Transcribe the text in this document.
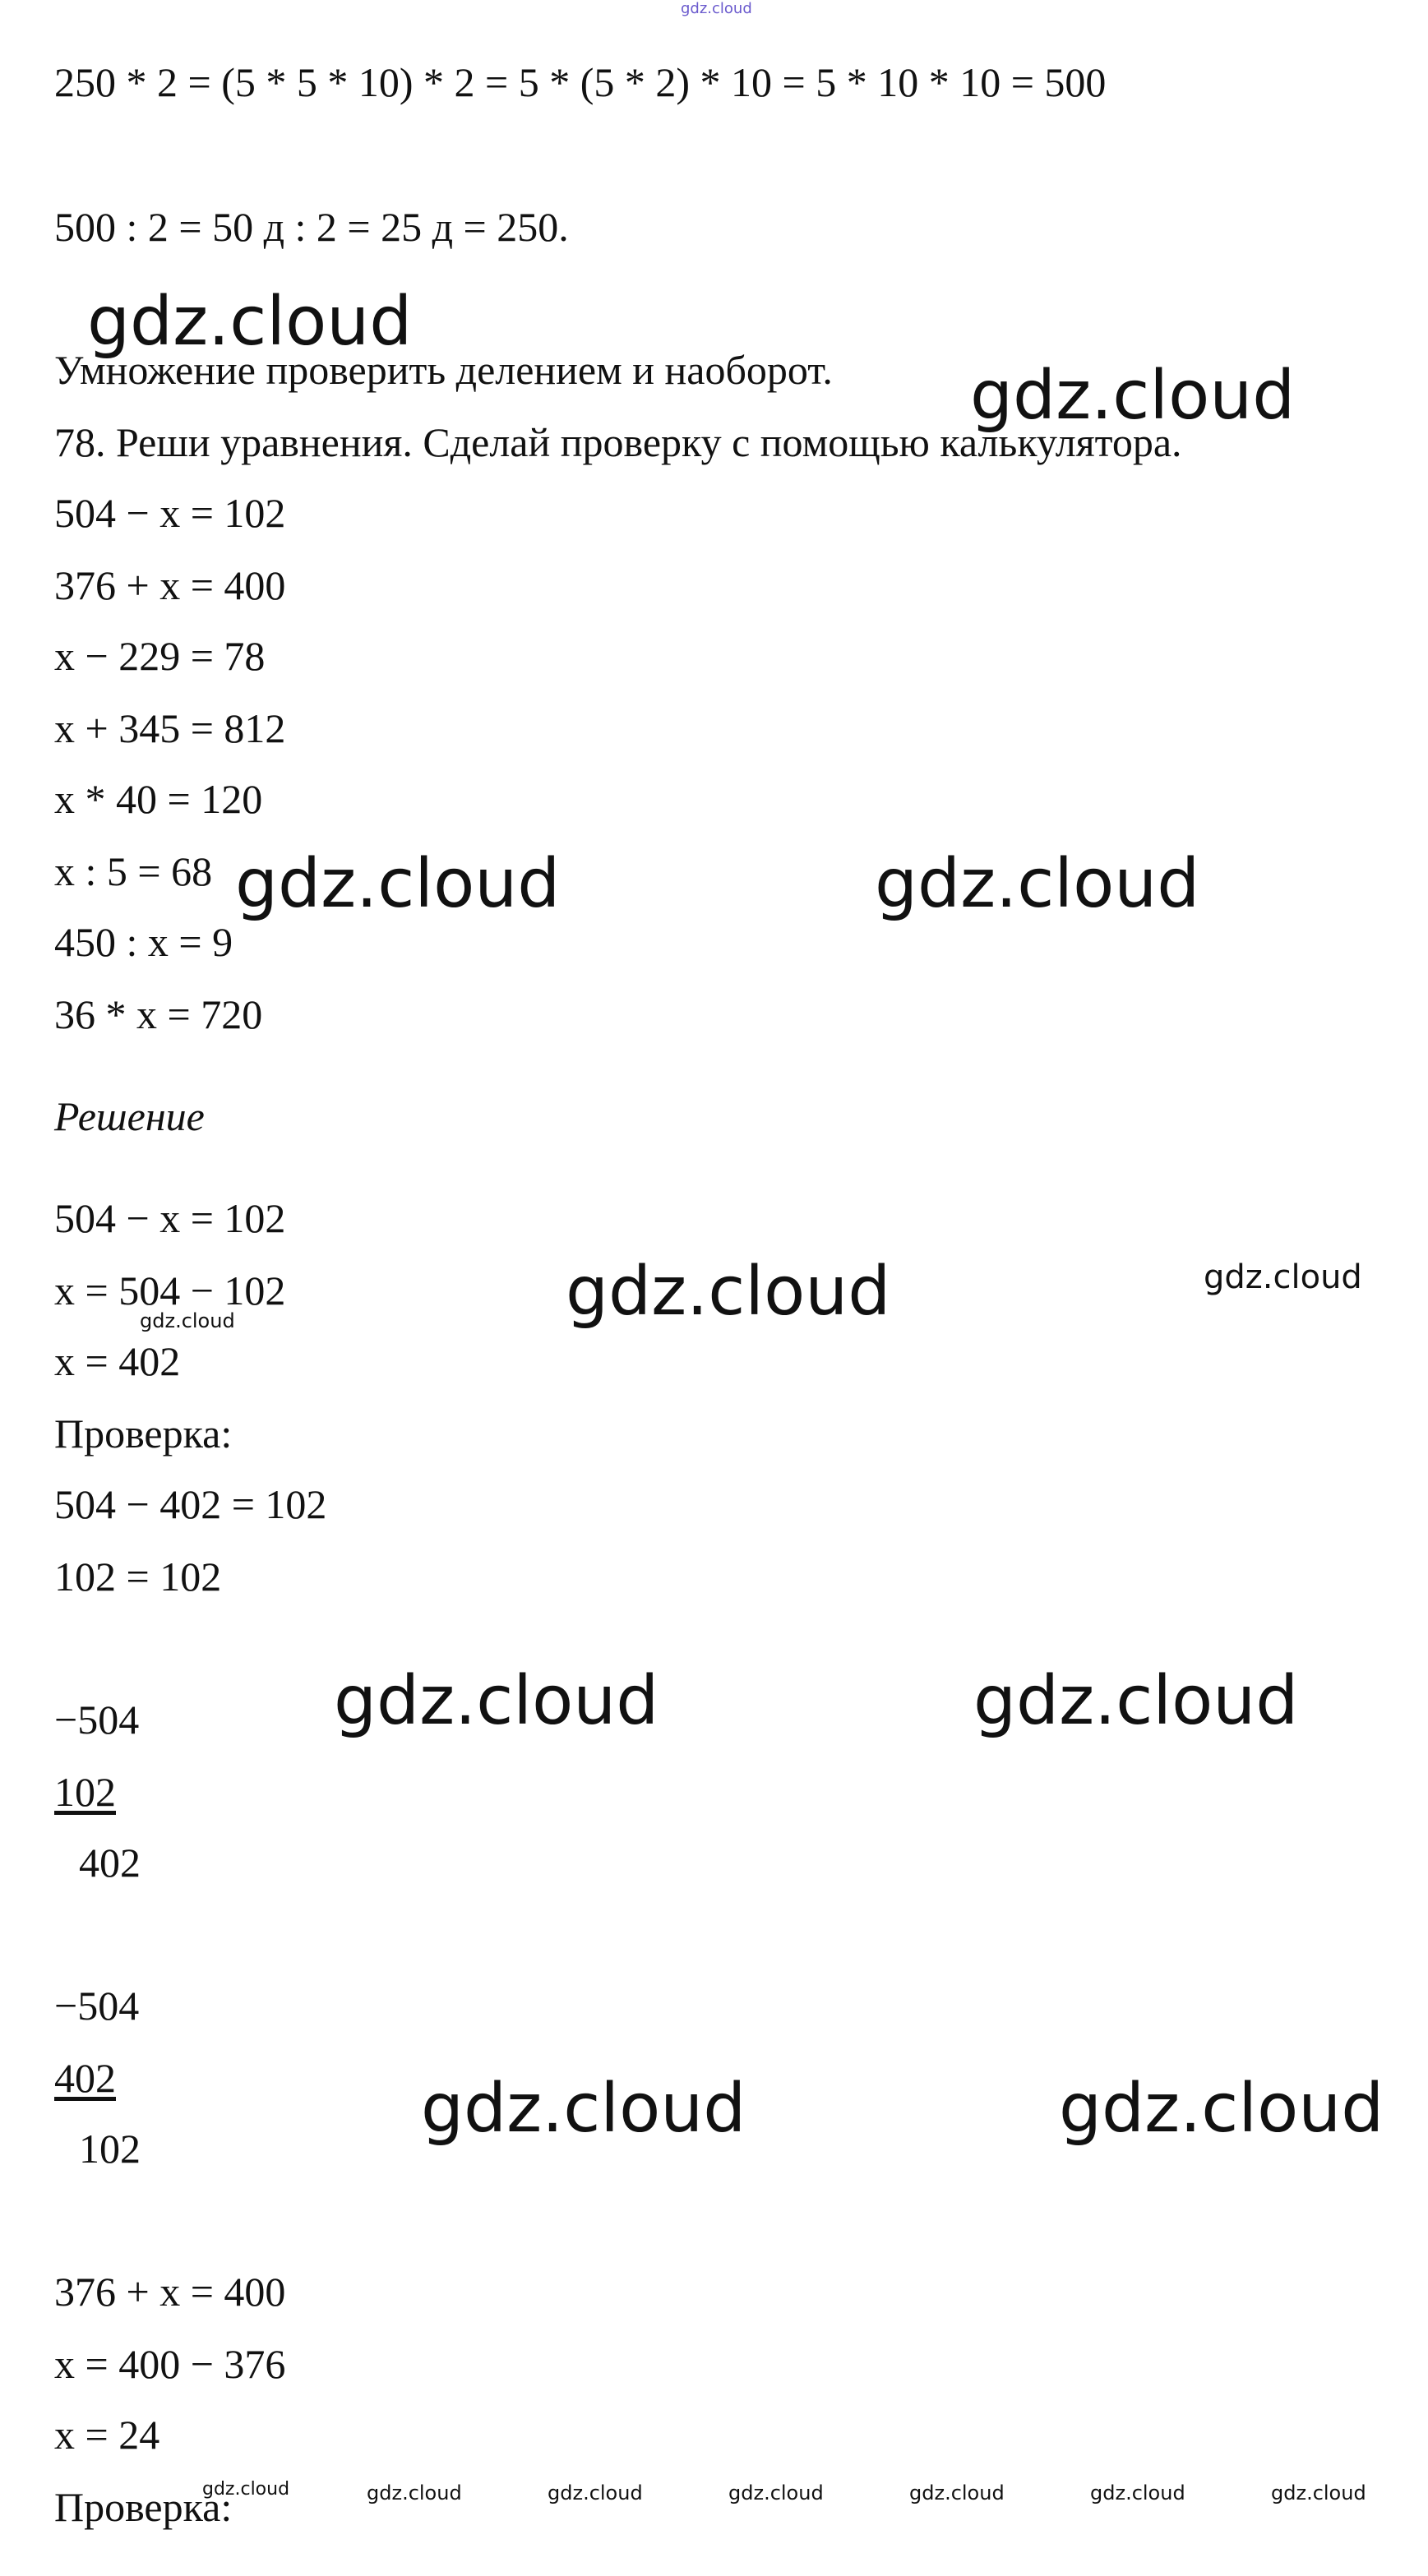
gdz.cloud
250 * 2 = (5 * 5 * 10) * 2 = 5 * (5 * 2) * 10 = 5 * 10 * 10 = 500
500 : 2 = 50 д : 2 = 25 д = 250.
Умножение проверить делением и наоборот.
78. Реши уравнения. Сделай проверку с помощью калькулятора.
504 − x = 102
376 + x = 400
x − 229 = 78
x + 345 = 812
x * 40 = 120
x : 5 = 68
450 : x = 9
36 * x = 720
Решение
504 − x = 102
x = 504 − 102
x = 402
Проверка:
504 − 402 = 102
102 = 102
−504
102
402
−504
402
102
376 + x = 400
x = 400 − 376
x = 24
Проверка:
gdz.cloud
gdz.cloud
gdz.cloud	gdz.cloud
gdz.cloud	gdz.cloud
gdz.cloud
gdz.cloud	gdz.cloud
gdz.cloud	gdz.cloud
gdz.cloud	gdz.cloud	gdz.cloud	gdz.cloud	gdz.cloud	gdz.cloud	gdz.cloud
